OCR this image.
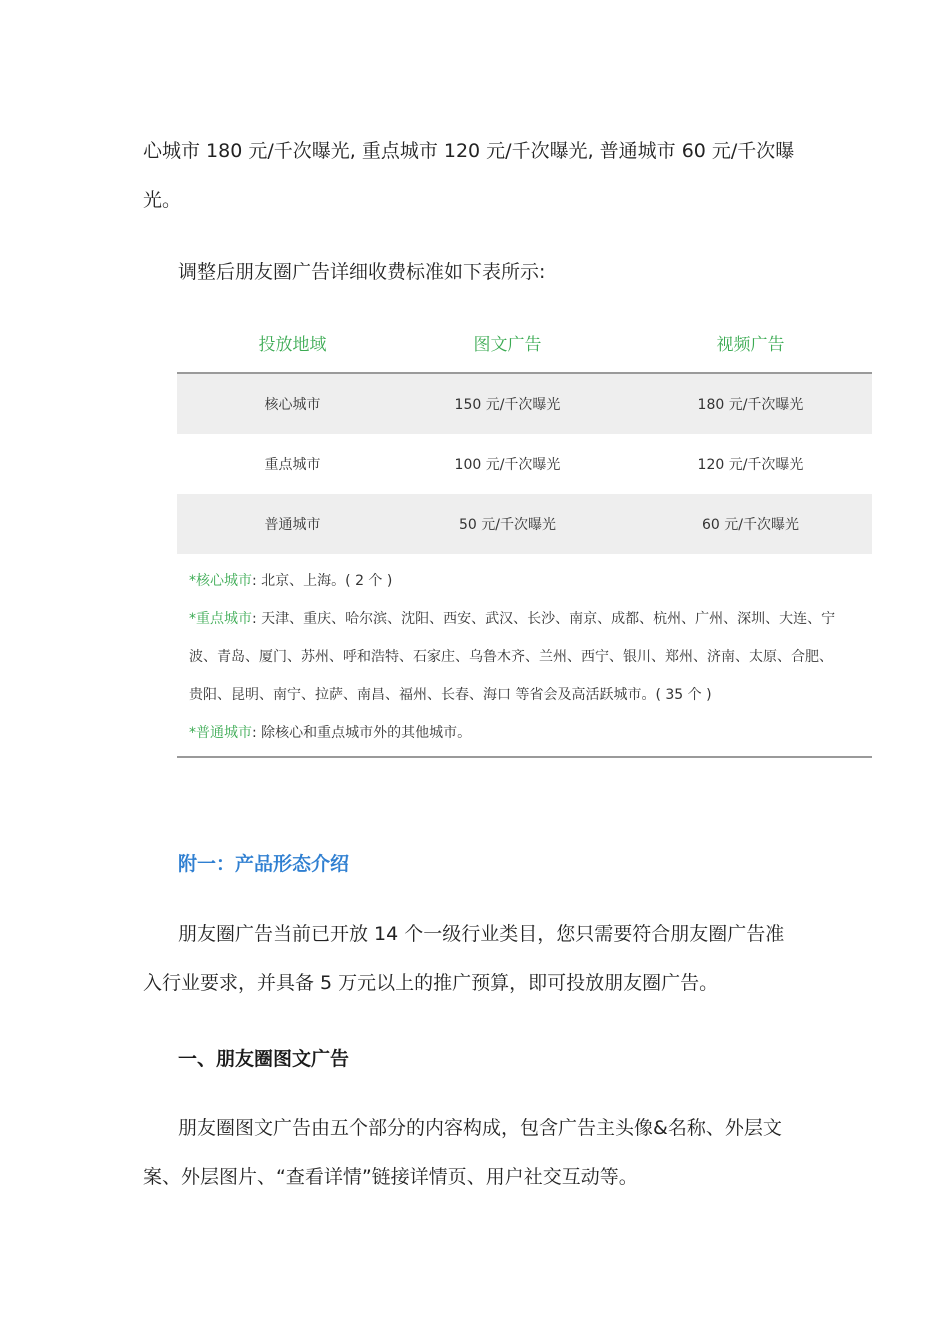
心城市 180 元/千次曝光, 重点城市 120 元/千次曝光, 普通城市 60 元/千次曝

光。

调整后朋友圈广告详细收费标准如下表所示:

投放地域	图文广告	视频广告
核心城市	150 元/千次曝光	180 元/千次曝光
重点城市	100 元/千次曝光	120 元/千次曝光
普通城市	50 元/千次曝光	60 元/千次曝光
*核心城市: 北京、上海。( 2 个 )
*重点城市: 天津、重庆、哈尔滨、沈阳、西安、武汉、长沙、南京、成都、杭州、广州、深圳、大连、宁
波、青岛、厦门、苏州、呼和浩特、石家庄、乌鲁木齐、兰州、西宁、银川、郑州、济南、太原、合肥、
贵阳、昆明、南宁、拉萨、南昌、福州、长春、海口 等省会及高活跃城市。( 35 个 )
*普通城市: 除核心和重点城市外的其他城市。
附一：产品形态介绍

朋友圈广告当前已开放 14 个一级行业类目，您只需要符合朋友圈广告准

入行业要求，并具备 5 万元以上的推广预算，即可投放朋友圈广告。

一、朋友圈图文广告

朋友圈图文广告由五个部分的内容构成，包含广告主头像&名称、外层文

案、外层图片、“查看详情”链接详情页、用户社交互动等。
